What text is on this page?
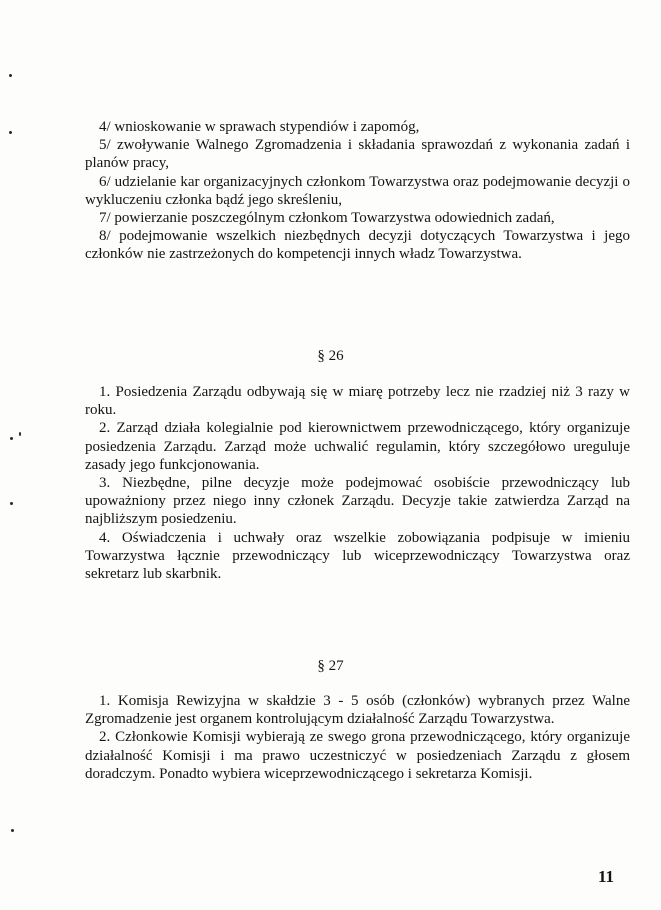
4/ wnioskowanie w sprawach stypendiów i zapomóg,

5/ zwoływanie Walnego Zgromadzenia i składania sprawozdań z wykonania zadań i planów pracy,

6/ udzielanie kar organizacyjnych członkom Towarzystwa oraz podejmowanie decyzji o wykluczeniu członka bądź jego skreśleniu,

7/ powierzanie poszczególnym członkom Towarzystwa odowiednich zadań,

8/ podejmowanie wszelkich niezbędnych decyzji dotyczących Towarzystwa i jego członków nie zastrzeżonych do kompetencji innych władz Towarzystwa.

§ 26

1. Posiedzenia Zarządu odbywają się w miarę potrzeby lecz nie rzadziej niż 3 razy w roku.

2. Zarząd działa kolegialnie pod kierownictwem przewodniczącego, który organizuje posiedzenia Zarządu. Zarząd może uchwalić regulamin, który szczegółowo ureguluje zasady jego funkcjonowania.

3. Niezbędne, pilne decyzje może podejmować osobiście przewodniczący lub upoważniony przez niego inny członek Zarządu. Decyzje takie zatwierdza Zarząd na najbliższym posiedzeniu.

4. Oświadczenia i uchwały oraz wszelkie zobowiązania podpisuje w imieniu Towarzystwa łącznie przewodniczący lub wiceprzewodniczący Towarzystwa oraz sekretarz lub skarbnik.

§ 27

1. Komisja Rewizyjna w skałdzie 3 - 5 osób (członków) wybranych przez Walne Zgromadzenie jest organem kontrolującym działalność Zarządu Towarzystwa.

2. Członkowie Komisji wybierają ze swego grona przewodniczącego, który organizuje działalność Komisji i ma prawo uczestniczyć w posiedzeniach Zarządu z głosem doradczym. Ponadto wybiera wiceprzewodniczącego i sekretarza Komisji.

11
